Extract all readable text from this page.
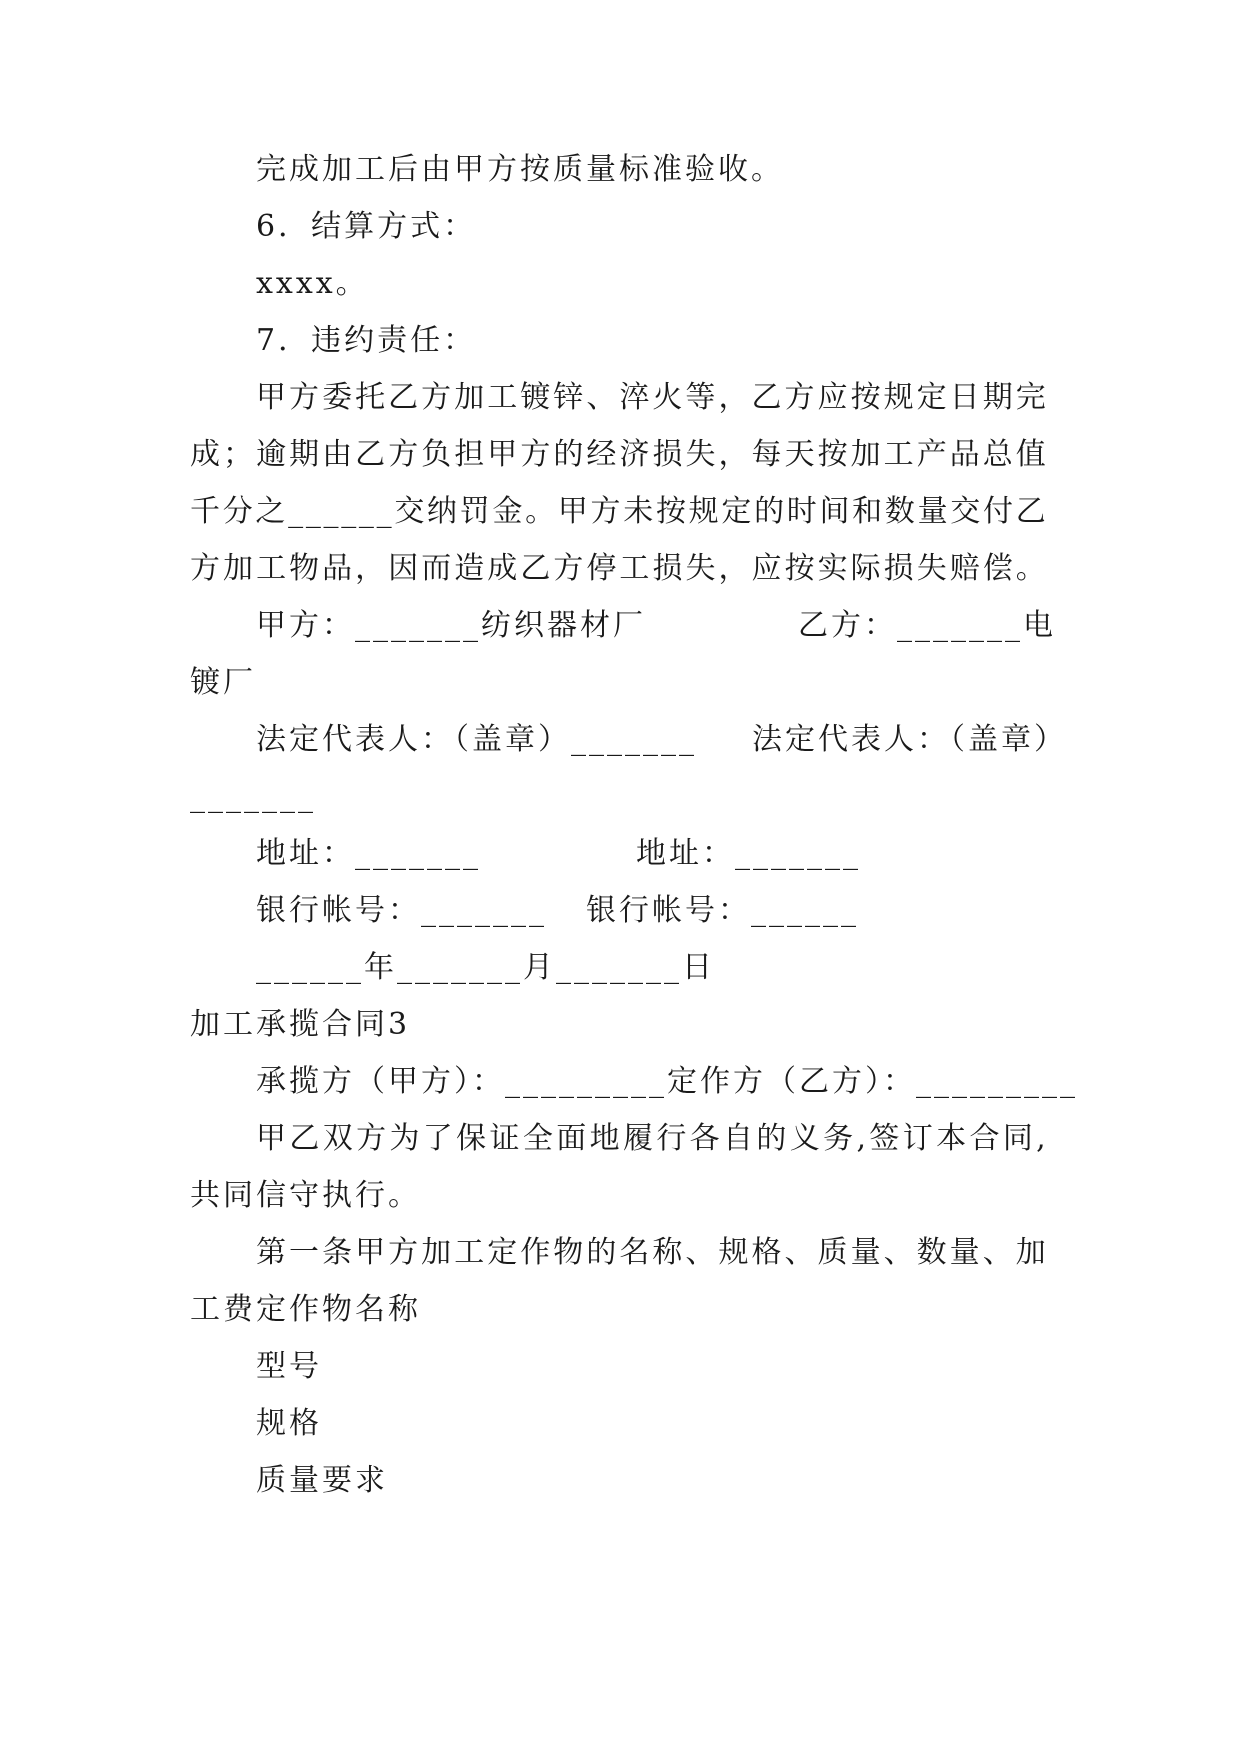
完成加工后由甲方按质量标准验收。
6．结算方式：
xxxx。
7．违约责任：
甲 方 委 托 乙 方 加 工 镀 锌 、 淬 火 等 ， 乙 方 应 按 规 定 日 期 完
成 ； 逾 期 由 乙 方 负 担 甲 方 的 经 济 损 失 ， 每 天 按 加 工 产 品 总 值
千 分 之 _ _ _ _ _ _ 交 纳 罚 金 。 甲 方 未 按 规 定 的 时 间 和 数 量 交 付 乙
方 加 工 物 品 ， 因 而 造 成 乙 方 停 工 损 失 ， 应 按 实 际 损 失 赔 偿 。
甲方：_______纺织器材厂	乙方：_______电
镀厂
法定代表人：（盖章）_______ 法定代表人：（盖章）
_______
地址：_______	地址：_______
银行帐号：_______ 银行帐号：______
______年_______月_______日
加工承揽合同3
承揽方（甲方）：_________定作方（乙方）：_________
甲 乙 双 方 为 了 保 证 全 面 地 履 行 各 自 的 义 务 , 签 订 本 合 同 ,
共同信守执行。
第 一 条 甲 方 加 工 定 作 物 的 名 称 、 规 格 、 质 量 、 数 量 、 加
工费定作物名称
型号
规格
质量要求
